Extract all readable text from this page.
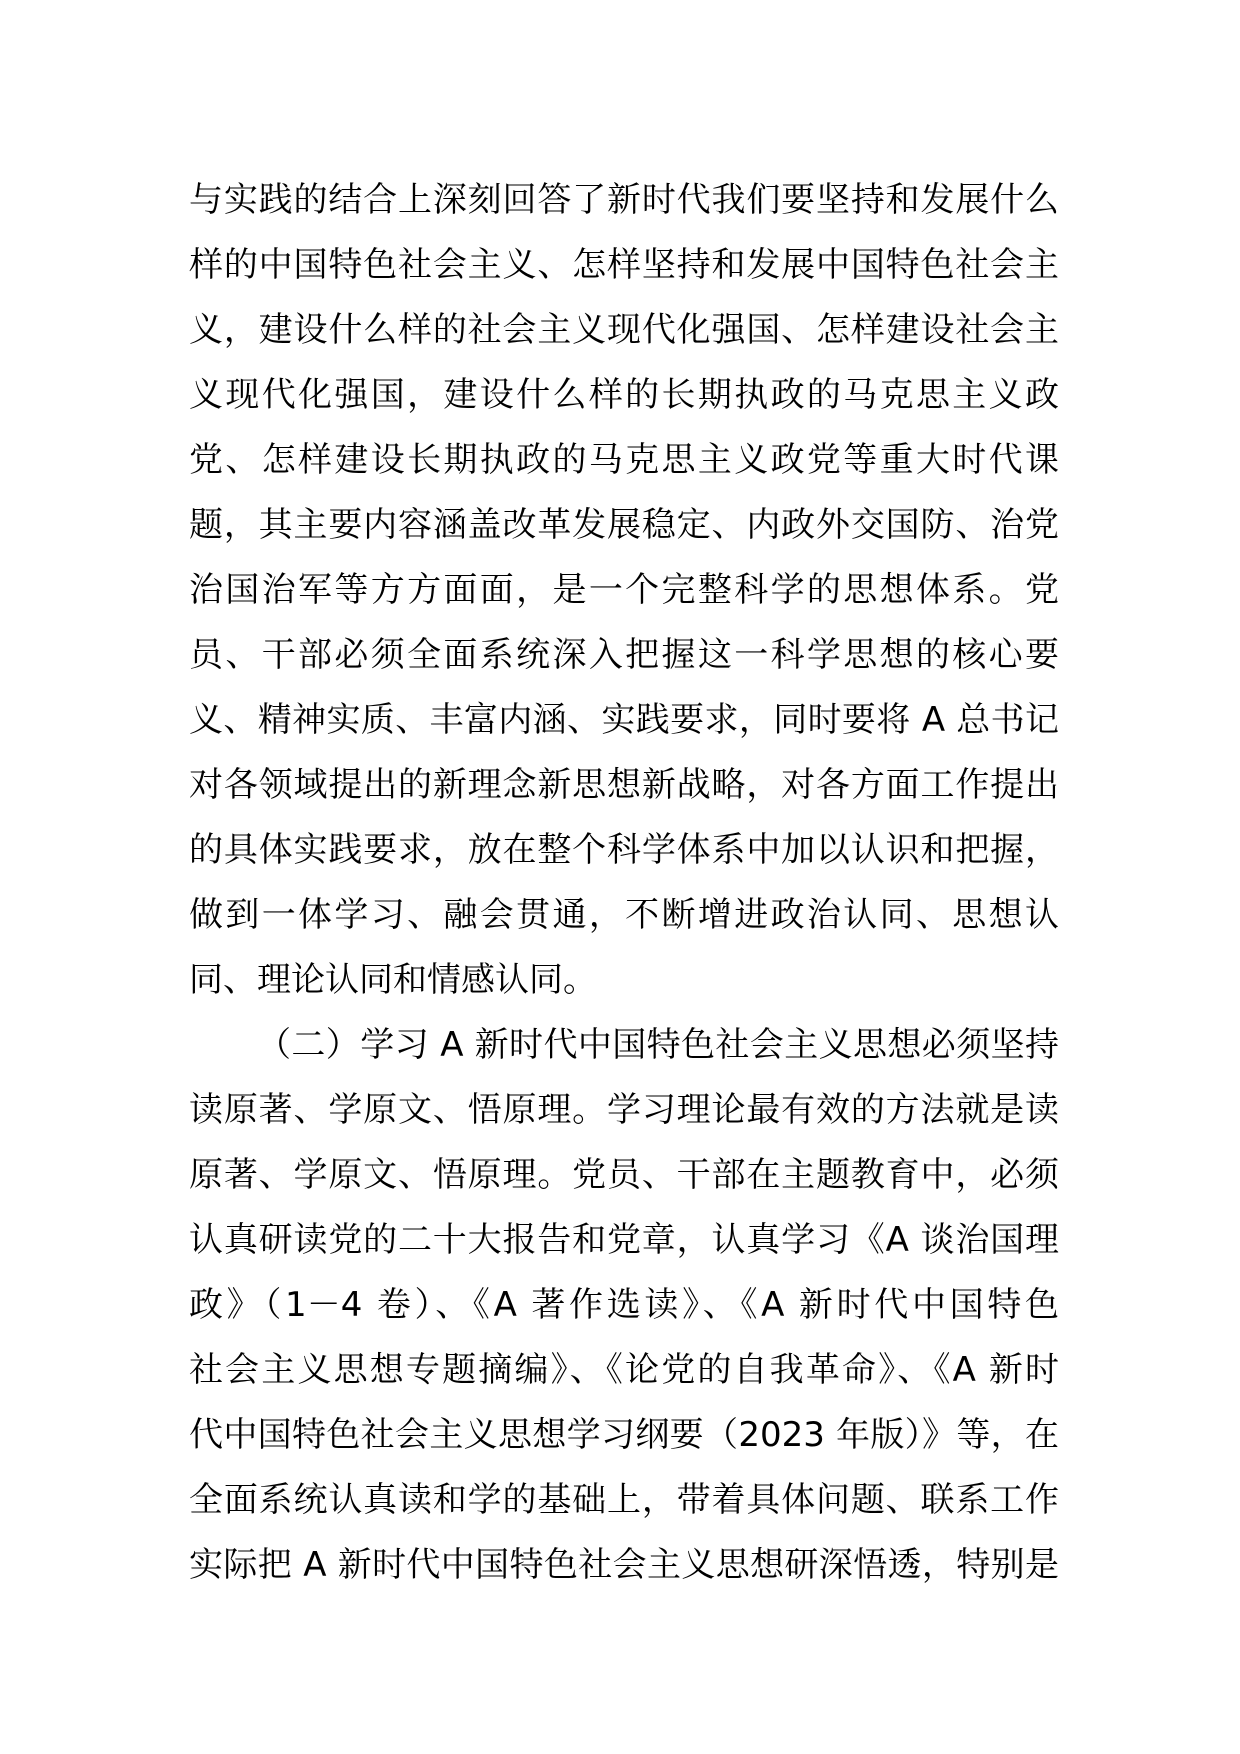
与实践的结合上深刻回答了新时代我们要坚持和发展什么
样的中国特色社会主义、怎样坚持和发展中国特色社会主
义，建设什么样的社会主义现代化强国、怎样建设社会主
义现代化强国，建设什么样的长期执政的马克思主义政
党、怎样建设长期执政的马克思主义政党等重大时代课
题，其主要内容涵盖改革发展稳定、内政外交国防、治党
治国治军等方方面面，是一个完整科学的思想体系。党
员、干部必须全面系统深入把握这一科学思想的核心要
义、精神实质、丰富内涵、实践要求，同时要将 A 总书记
对各领域提出的新理念新思想新战略，对各方面工作提出
的具体实践要求，放在整个科学体系中加以认识和把握，
做到一体学习、融会贯通，不断增进政治认同、思想认
同、理论认同和情感认同。

（二）学习 A 新时代中国特色社会主义思想必须坚持
读原著、学原文、悟原理。学习理论最有效的方法就是读
原著、学原文、悟原理。党员、干部在主题教育中，必须
认真研读党的二十大报告和党章，认真学习《A 谈治国理
政》（1－4 卷）、《A 著作选读》、《A 新时代中国特色
社会主义思想专题摘编》、《论党的自我革命》、《A 新时
代中国特色社会主义思想学习纲要（2023 年版）》等，在
全面系统认真读和学的基础上，带着具体问题、联系工作
实际把 A 新时代中国特色社会主义思想研深悟透，特别是
